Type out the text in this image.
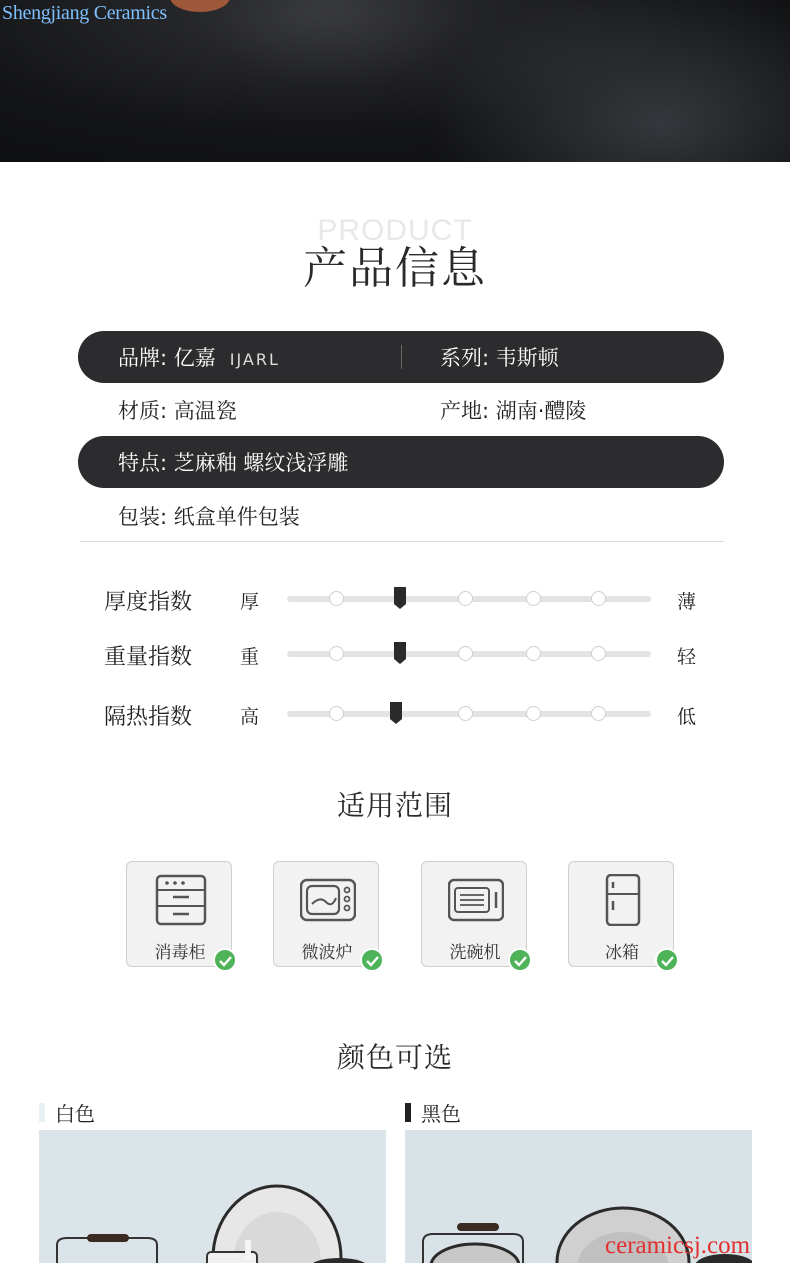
Shengjiang Ceramics
PRODUCT
产品信息
品牌: 亿嘉 IJARL	系列: 韦斯顿
材质: 高温瓷	产地: 湖南·醴陵
特点: 芝麻釉 螺纹浅浮雕
包装: 纸盒单件包装
厚度指数	厚	薄
重量指数	重	轻
隔热指数	高	低
适用范围
消毒柜	微波炉	洗碗机	冰箱
颜色可选
白色	黑色
ceramicsj.com
